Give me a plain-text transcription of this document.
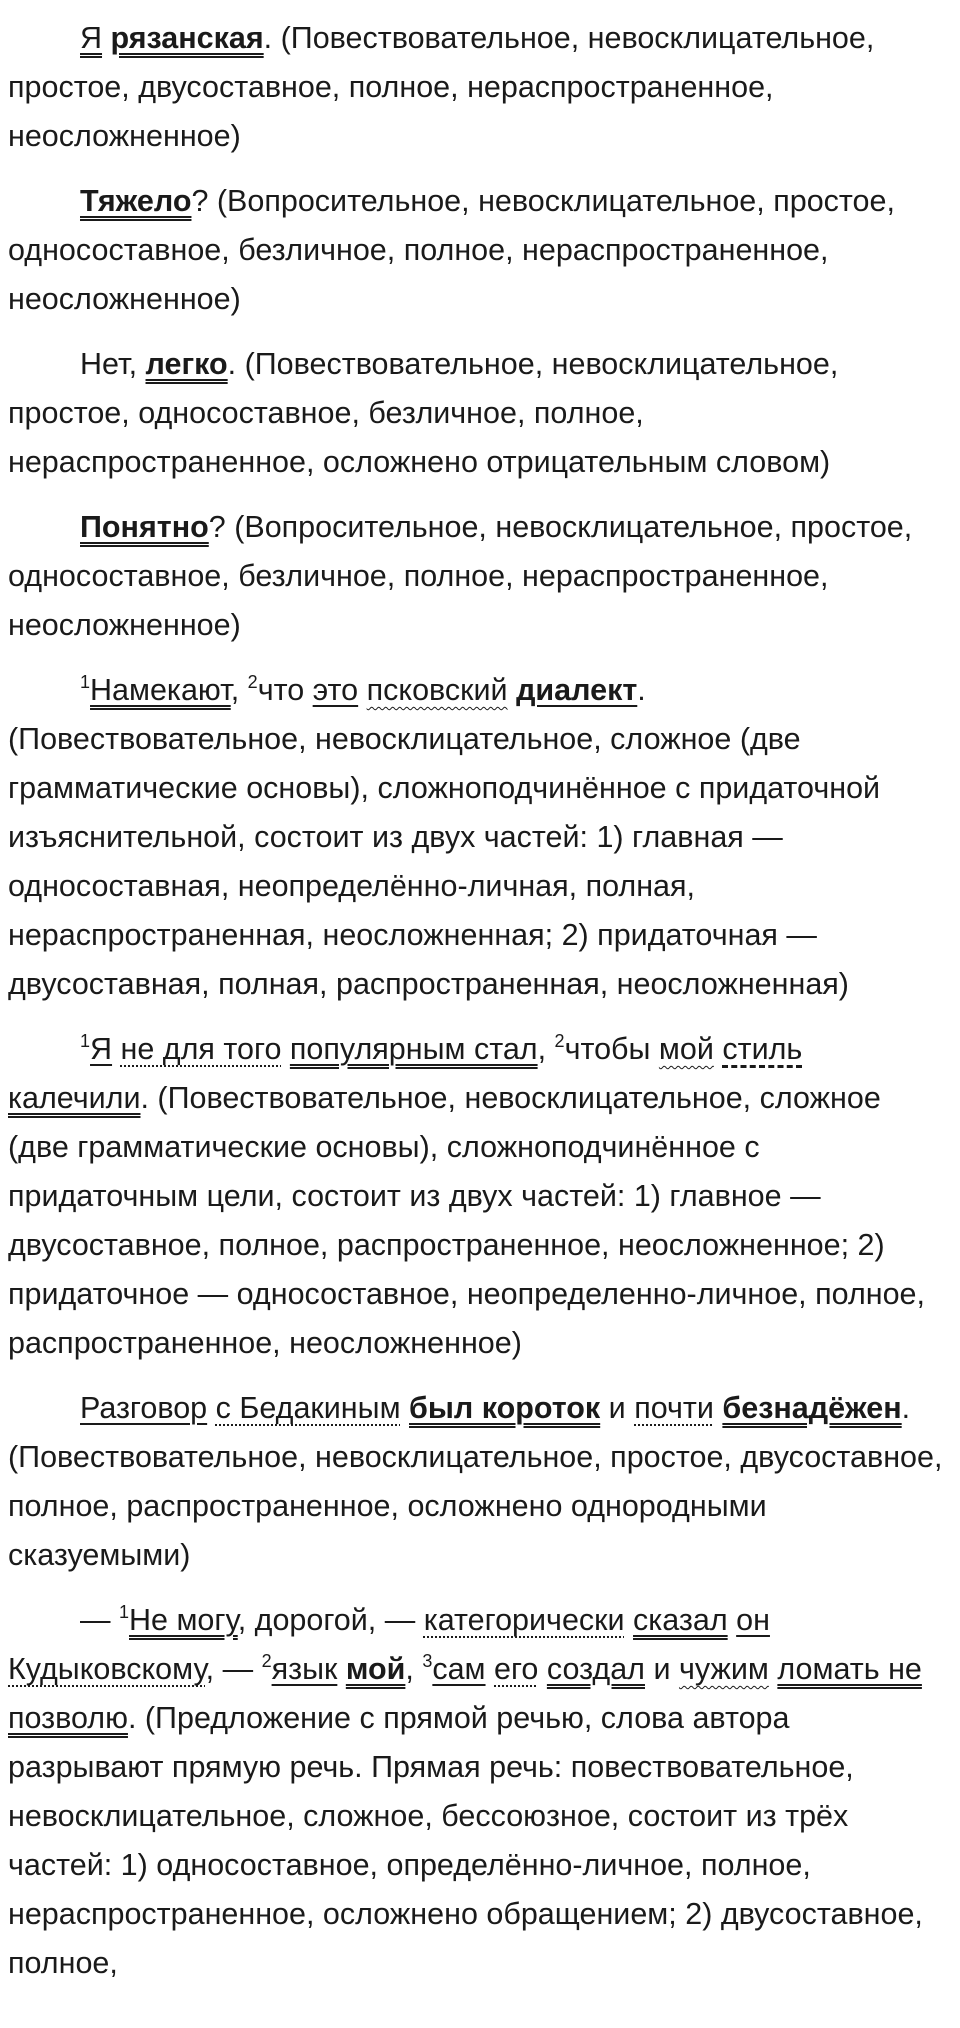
Я рязанская. (Повествовательное, невосклицательное, простое, двусоставное, полное, нераспространенное, неосложненное)

Тяжело? (Вопросительное, невосклицательное, простое, односоставное, безличное, полное, нераспространенное, неосложненное)

Нет, легко. (Повествовательное, невосклицательное, простое, односоставное, безличное, полное, нераспространенное, осложнено отрицательным словом)

Понятно? (Вопросительное, невосклицательное, простое, односоставное, безличное, полное, нераспространенное, неосложненное)

$^1$Намекают, $^2$что это псковский диалект. (Повествовательное, невосклицательное, сложное (две грамматические основы), сложноподчинённое с придаточной изъяснительной, состоит из двух частей: 1) главная — односоставная, неопределённо-личная, полная, нераспространенная, неосложненная; 2) придаточная — двусоставная, полная, распространенная, неосложненная)

$^1$Я не для того популярным стал, $^2$чтобы мой стиль калечили. (Повествовательное, невосклицательное, сложное (две грамматические основы), сложноподчинённое с придаточным цели, состоит из двух частей: 1) главное — двусоставное, полное, распространенное, неосложненное; 2) придаточное — односоставное, неопределенно-личное, полное, распространенное, неосложненное)

Разговор с Бедакиным был короток и почти безнадёжен. (Повествовательное, невосклицательное, простое, двусоставное, полное, распространенное, осложнено однородными сказуемыми)

— $^1$Не могу, дорогой, — категорически сказал он Кудыковскому, — $^2$язык мой, $^3$сам его создал и чужим ломать не позволю. (Предложение с прямой речью, слова автора разрывают прямую речь. Прямая речь: повествовательное, невосклицательное, сложное, бессоюзное, состоит из трёх частей: 1) односоставное, определённо-личное, полное, нераспространенное, осложнено обращением; 2) двусоставное, полное,
